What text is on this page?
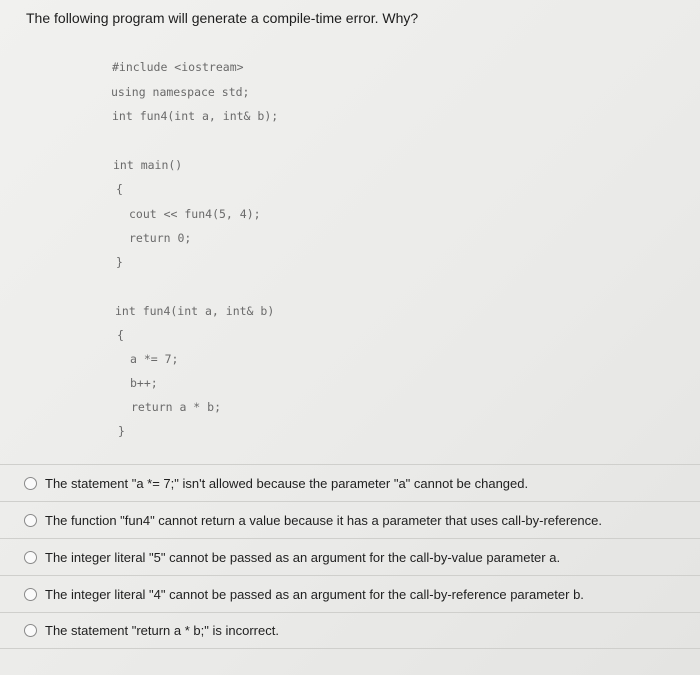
The following program will generate a compile-time error. Why?
#include <iostream>
using namespace std;
int fun4(int a, int& b);
int main()
{
cout << fun4(5, 4);
return 0;
}
int fun4(int a, int& b)
{
a *= 7;
b++;
return a * b;
}
The statement "a *= 7;" isn't allowed because the parameter "a" cannot be changed.
The function "fun4" cannot return a value because it has a parameter that uses call-by-reference.
The integer literal "5" cannot be passed as an argument for the call-by-value parameter a.
The integer literal "4" cannot be passed as an argument for the call-by-reference parameter b.
The statement "return a * b;" is incorrect.
